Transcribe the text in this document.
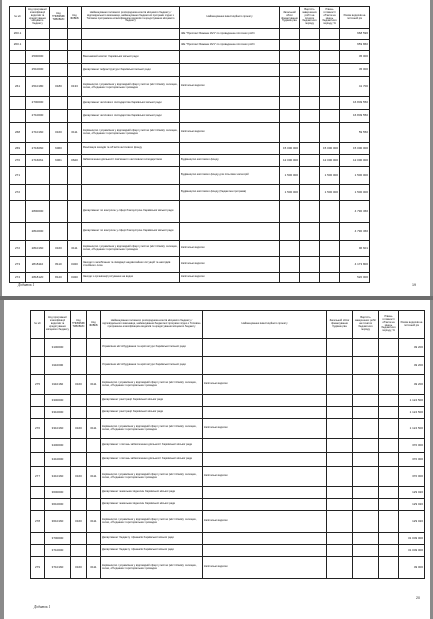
№ з/п	Код програмної класифікації видатків та кредитування місцевого бюджету	Код ТПКВКМБ/ТКВКБМС	Код ФКВКБ	Найменування головного розпорядника коштів місцевого бюджету / відповідального виконавця, найменування бюджетної програми згідно з Типовою програмною класифікацією видатків та кредитування місцевого бюджету	Найменування інвестиційного проекту	Загальний обсяг фінансування будівництва	Вартість завершених робіт на початок бюджетного періоду	Рівень готовності об'єкта на кінець бюджетного періоду, %	Разом видатків на поточний рік
260.1					ЖЕ "Проспект Бажана 16/1" по проведенню поточних робіт				668 596
260.1					ЖЕ "Проспект Бажана 16/1" по проведенню поточних робіт				659 860
	2500000			Виконавчий комітет Харківської міської ради					45 000
	2510000			Департамент інфраструктури Харківської міської ради					45 000
261	2510180	0180	0133	Керівництво і управління у відповідній сфері у містах (місті Києві), селищах, селах, об'єднаних територіальних громадах	Капітальні видатки				41 700
	2700000			Департамент житлового господарства Харківської міської ради					16 849 550
	2710000			Департамент житлового господарства Харківської міської ради					16 849 550
268	2710160	0160	0111	Керівництво і управління у відповідній сфері у містах (місті Києві), селищах, селах, об'єднаних територіальних громадах	Капітальні видатки				59 550
269	2716060	6060		Реалізація заходів та об'єктів житлового фонду		15 000 000		15 000 000	15 000 000
270	2716061	6061	0620	Забезпечення діяльності пов'язаної з житловим господарством	Будівництво житлового фонду	12 000 000		12 000 000	12 000 000
271					Будівництво житлового фонду для пільгових категорій	1 500 000		1 500 000	1 500 000
272					Будівництво житлового фонду (бюджетна програма)	1 500 000		1 500 000	1 500 000
	2800000			Департамент по контролю у сфері благоустрою Харківської міської ради					4 790 366
	2810000			Департамент по контролю у сфері благоустрою Харківської міської ради					4 790 366
272	2810160	0160	0111	Керівництво і управління у відповідній сфері у містах (місті Києві), селищах, селах, об'єднаних територіальних громадах	Капітальні видатки				96 601
273	2818110	8110	0320	Заходи із запобігання та ліквідації надзвичайних ситуацій та наслідків стихійного лиха	Капітальні видатки				4 173 800
274	2818120	8120	0320	Заходи з організації рятування на водах	Капітальні видатки				520 000
Додаток 1	19
№ з/п	Код програмної класифікації видатків та кредитування місцевого бюджету	Код ТПКВКМБ/ТКВКБМС	Код ФКВКБ	Найменування головного розпорядника коштів місцевого бюджету / відповідального виконавця, найменування бюджетної програми згідно з Типовою програмною класифікацією видатків та кредитування місцевого бюджету	Найменування інвестиційного проекту	Загальний обсяг фінансування будівництва	Вартість завершених робіт на початок бюджетного періоду	Рівень готовності об'єкта на кінець бюджетного періоду, %	Разом видатків на поточний рік
	3100000			Управління містобудування та архітектури Харківської міської ради					49 200
	3110000			Управління містобудування та архітектури Харківської міської ради					49 200
275	3110160	0160	0111	Керівництво і управління у відповідній сфері у містах (місті Києві), селищах, селах, об'єднаних територіальних громадах	Капітальні видатки				49 200
	3300000			Департамент реєстрації Харківської міської ради					1 124 500
	3310000			Департамент реєстрації Харківської міської ради					1 124 500
276	3310160	0160	0111	Керівництво і управління у відповідній сфері у містах (місті Києві), селищах, селах, об'єднаних територіальних громадах	Капітальні видатки				1 124 500
	3400000			Департамент з питань забезпечення діяльності Харківської міської ради					370 000
	3410000			Департамент з питань забезпечення діяльності Харківської міської ради					370 000
277	3410160	0160	0111	Керівництво і управління у відповідній сфері у містах (місті Києві), селищах, селах, об'єднаних територіальних громадах	Капітальні видатки				370 000
	3600000			Департамент земельних відносин Харківської міської ради					129 020
	3610000			Департамент земельних відносин Харківської міської ради					129 020
278	3610160	0160	0111	Керівництво і управління у відповідній сфері у містах (місті Києві), селищах, селах, об'єднаних територіальних громадах	Капітальні видатки				129 020
	3700000			Департамент бюджету і фінансів Харківської міської ради					31 049 000
	3710000			Департамент бюджету і фінансів Харківської міської ради					31 049 000
279	3710160	0160	0111	Керівництво і управління у відповідній сфері у містах (місті Києві), селищах, селах, об'єднаних територіальних громадах	Капітальні видатки				49 000
Додаток 1
20
